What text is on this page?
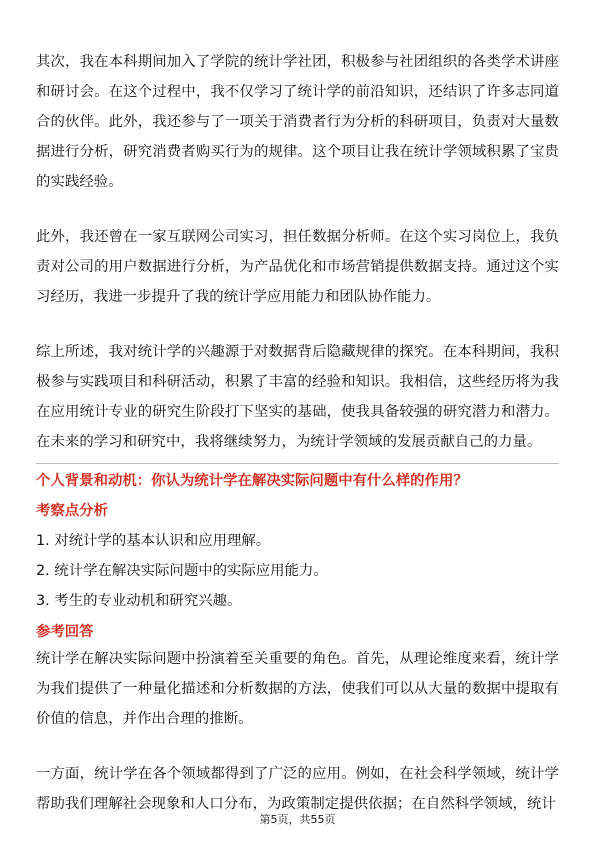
其次，我在本科期间加入了学院的统计学社团，积极参与社团组织的各类学术讲座和研讨会。在这个过程中，我不仅学习了统计学的前沿知识，还结识了许多志同道合的伙伴。此外，我还参与了一项关于消费者行为分析的科研项目，负责对大量数据进行分析，研究消费者购买行为的规律。这个项目让我在统计学领域积累了宝贵的实践经验。

此外，我还曾在一家互联网公司实习，担任数据分析师。在这个实习岗位上，我负责对公司的用户数据进行分析，为产品优化和市场营销提供数据支持。通过这个实习经历，我进一步提升了我的统计学应用能力和团队协作能力。

综上所述，我对统计学的兴趣源于对数据背后隐藏规律的探究。在本科期间，我积极参与实践项目和科研活动，积累了丰富的经验和知识。我相信，这些经历将为我在应用统计专业的研究生阶段打下坚实的基础，使我具备较强的研究潜力和潜力。在未来的学习和研究中，我将继续努力，为统计学领域的发展贡献自己的力量。

个人背景和动机：你认为统计学在解决实际问题中有什么样的作用？

考察点分析

1. 对统计学的基本认识和应用理解。

2. 统计学在解决实际问题中的实际应用能力。

3. 考生的专业动机和研究兴趣。

参考回答

统计学在解决实际问题中扮演着至关重要的角色。首先，从理论维度来看，统计学为我们提供了一种量化描述和分析数据的方法，使我们可以从大量的数据中提取有价值的信息，并作出合理的推断。

一方面，统计学在各个领域都得到了广泛的应用。例如，在社会科学领域，统计学帮助我们理解社会现象和人口分布，为政策制定提供依据；在自然科学领域，统计

第5页，共55页
